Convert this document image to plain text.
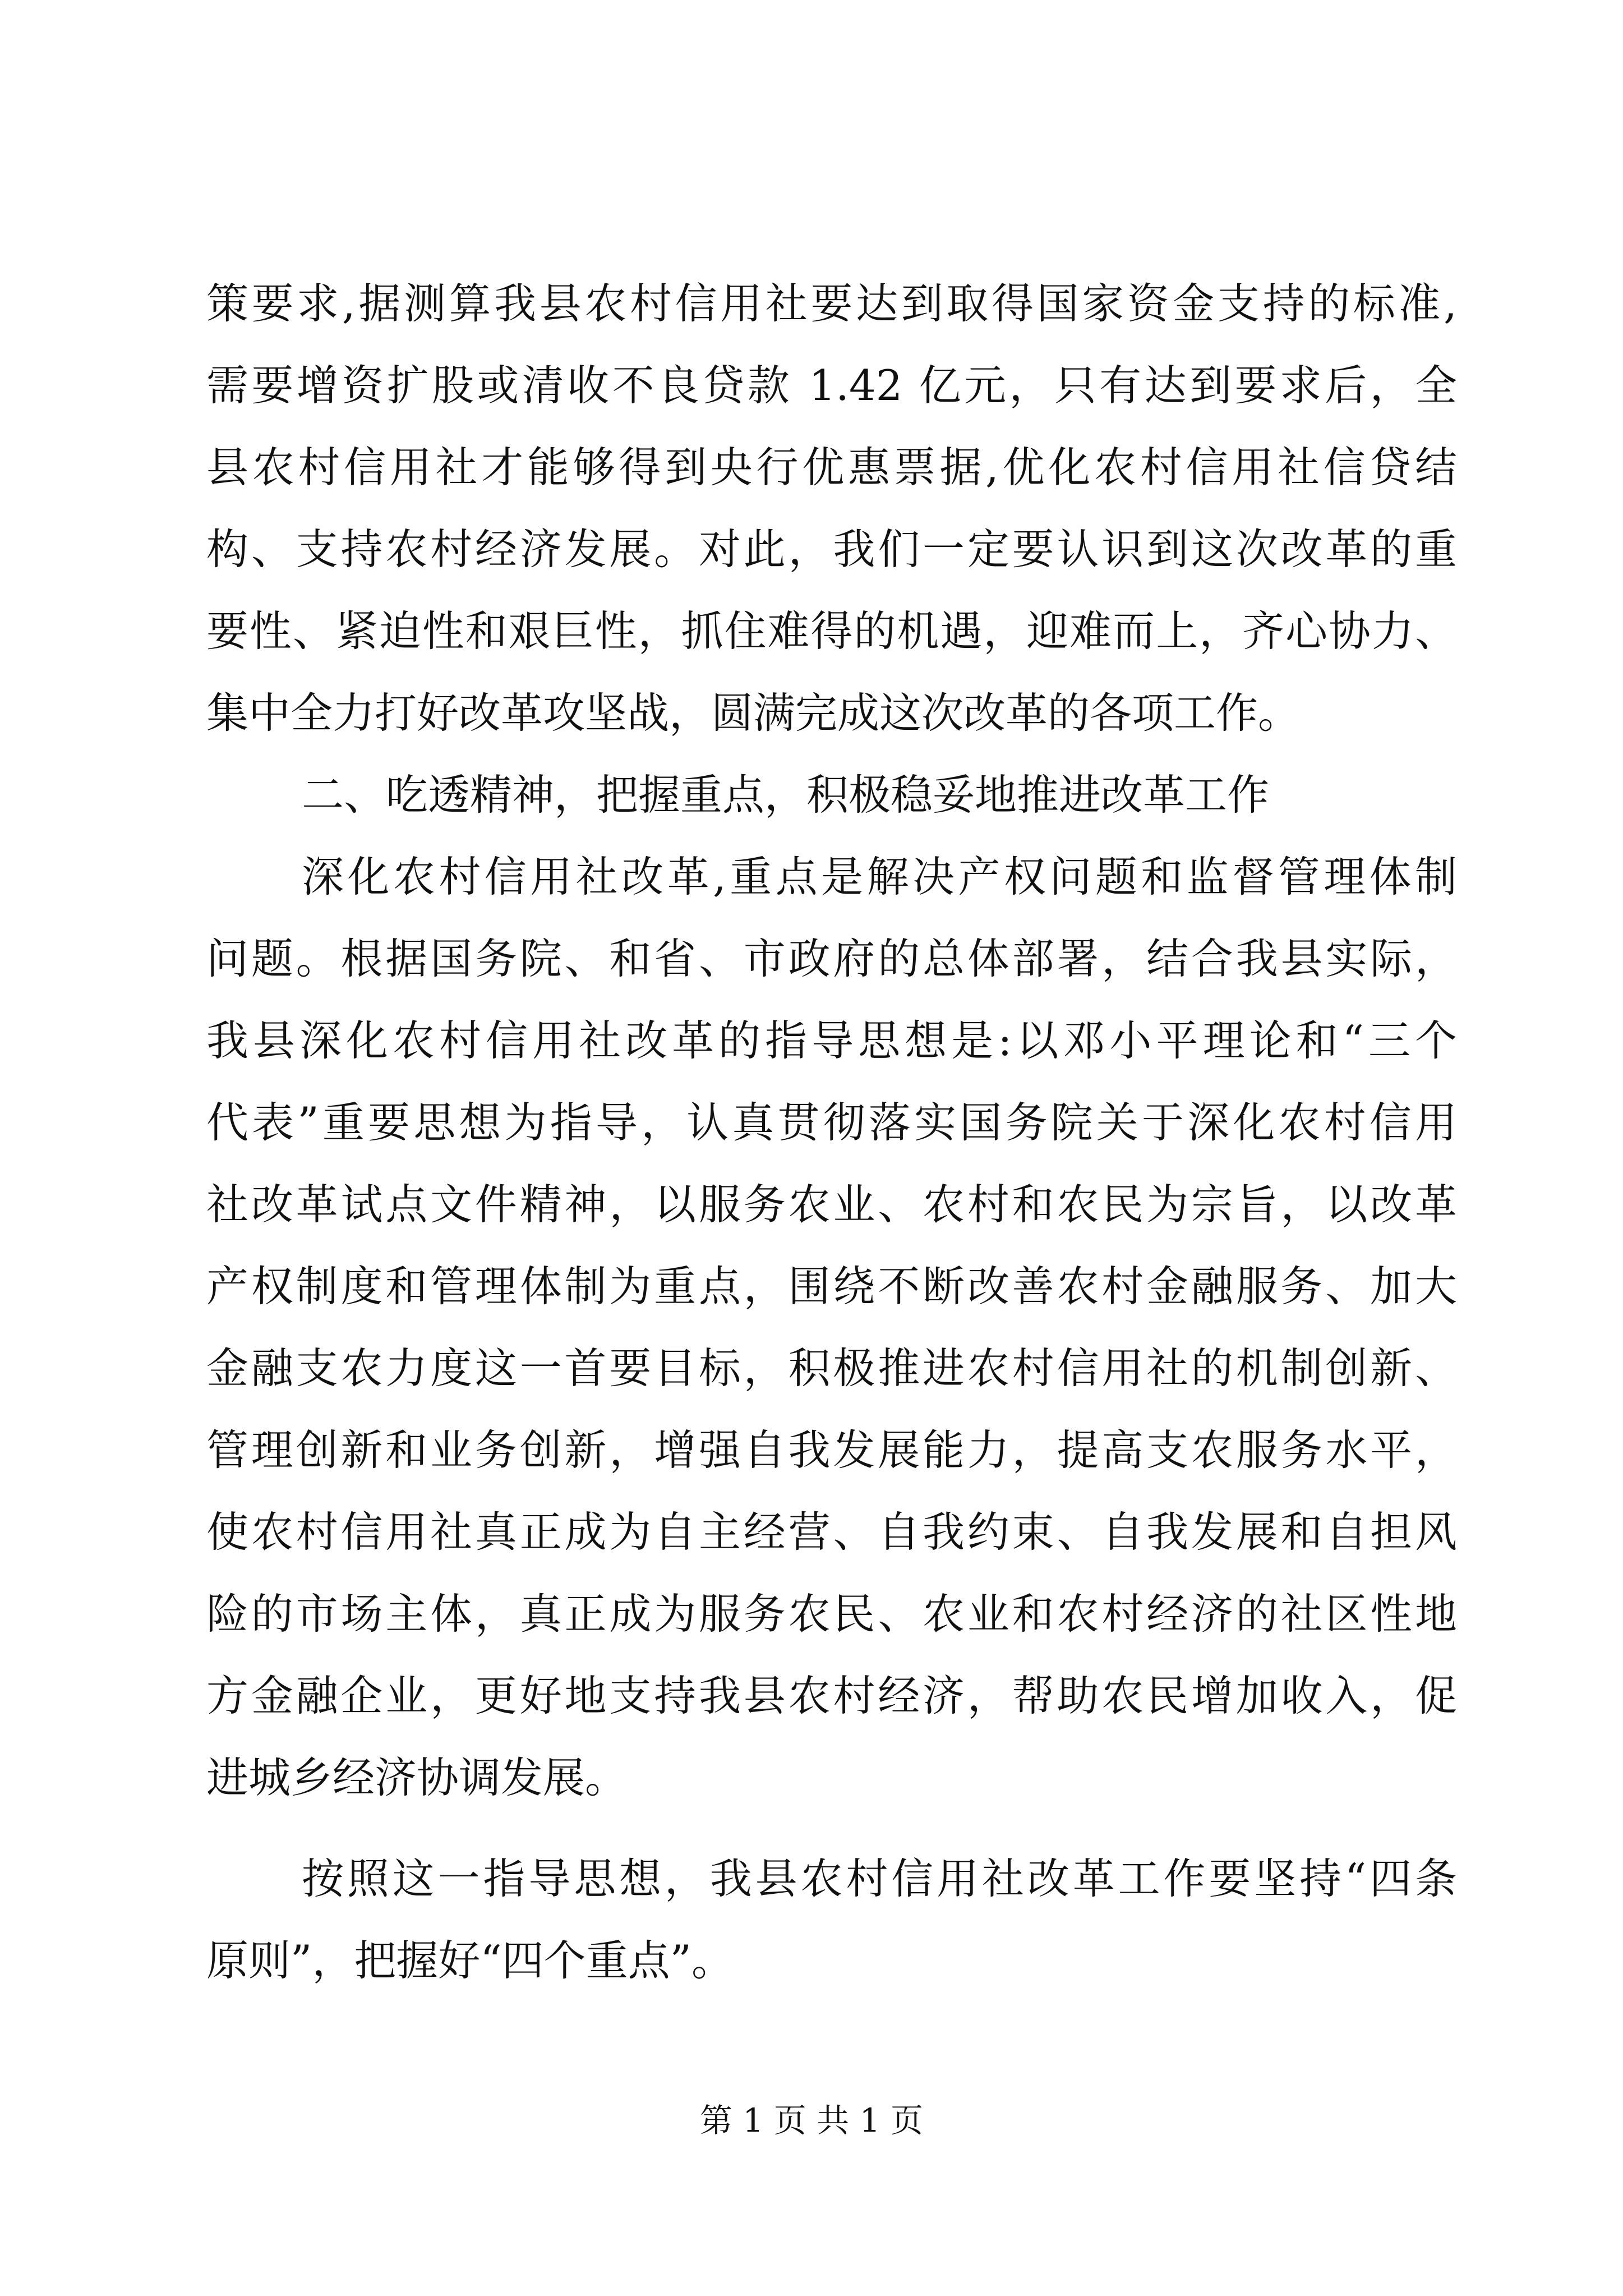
策要求,据测算我县农村信用社要达到取得国家资金支持的标准,
需要增资扩股或清收不良贷款 1.42 亿元，只有达到要求后，全
县农村信用社才能够得到央行优惠票据,优化农村信用社信贷结
构、支持农村经济发展。对此，我们一定要认识到这次改革的重
要性、紧迫性和艰巨性，抓住难得的机遇，迎难而上，齐心协力、
集中全力打好改革攻坚战，圆满完成这次改革的各项工作。
二、吃透精神，把握重点，积极稳妥地推进改革工作
深化农村信用社改革,重点是解决产权问题和监督管理体制
问题。根据国务院、和省、市政府的总体部署，结合我县实际，
我县深化农村信用社改革的指导思想是:以邓小平理论和“三个
代表”重要思想为指导，认真贯彻落实国务院关于深化农村信用
社改革试点文件精神，以服务农业、农村和农民为宗旨，以改革
产权制度和管理体制为重点，围绕不断改善农村金融服务、加大
金融支农力度这一首要目标，积极推进农村信用社的机制创新、
管理创新和业务创新，增强自我发展能力，提高支农服务水平，
使农村信用社真正成为自主经营、自我约束、自我发展和自担风
险的市场主体，真正成为服务农民、农业和农村经济的社区性地
方金融企业，更好地支持我县农村经济，帮助农民增加收入，促
进城乡经济协调发展。
按照这一指导思想，我县农村信用社改革工作要坚持“四条
原则”，把握好“四个重点”。
第 1 页 共 1 页
